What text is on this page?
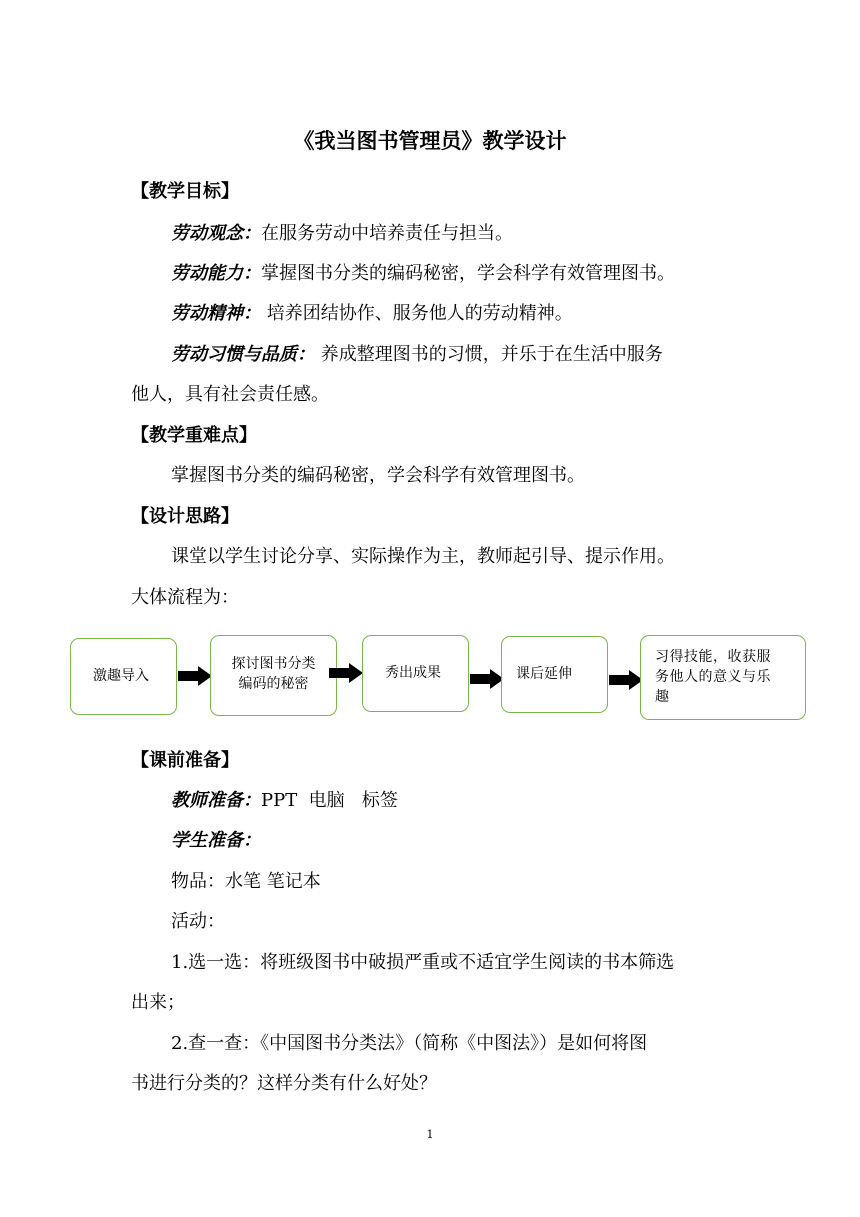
《我当图书管理员》教学设计
【教学目标】
劳动观念：在服务劳动中培养责任与担当。
劳动能力：掌握图书分类的编码秘密，学会科学有效管理图书。
劳动精神： 培养团结协作、服务他人的劳动精神。
劳动习惯与品质： 养成整理图书的习惯，并乐于在生活中服务
他人，具有社会责任感。
【教学重难点】
掌握图书分类的编码秘密，学会科学有效管理图书。
【设计思路】
课堂以学生讨论分享、实际操作为主，教师起引导、提示作用。
大体流程为：
激趣导入
探讨图书分类
编码的秘密
秀出成果	课后延伸
习得技能，收获服
务他人的意义与乐
趣
【课前准备】
教师准备：PPT  电脑   标签
学生准备：
物品：水笔 笔记本
活动：
1.选一选：将班级图书中破损严重或不适宜学生阅读的书本筛选
出来；
2.查一查：《中国图书分类法》（简称《中图法》）是如何将图
书进行分类的？这样分类有什么好处？
1
